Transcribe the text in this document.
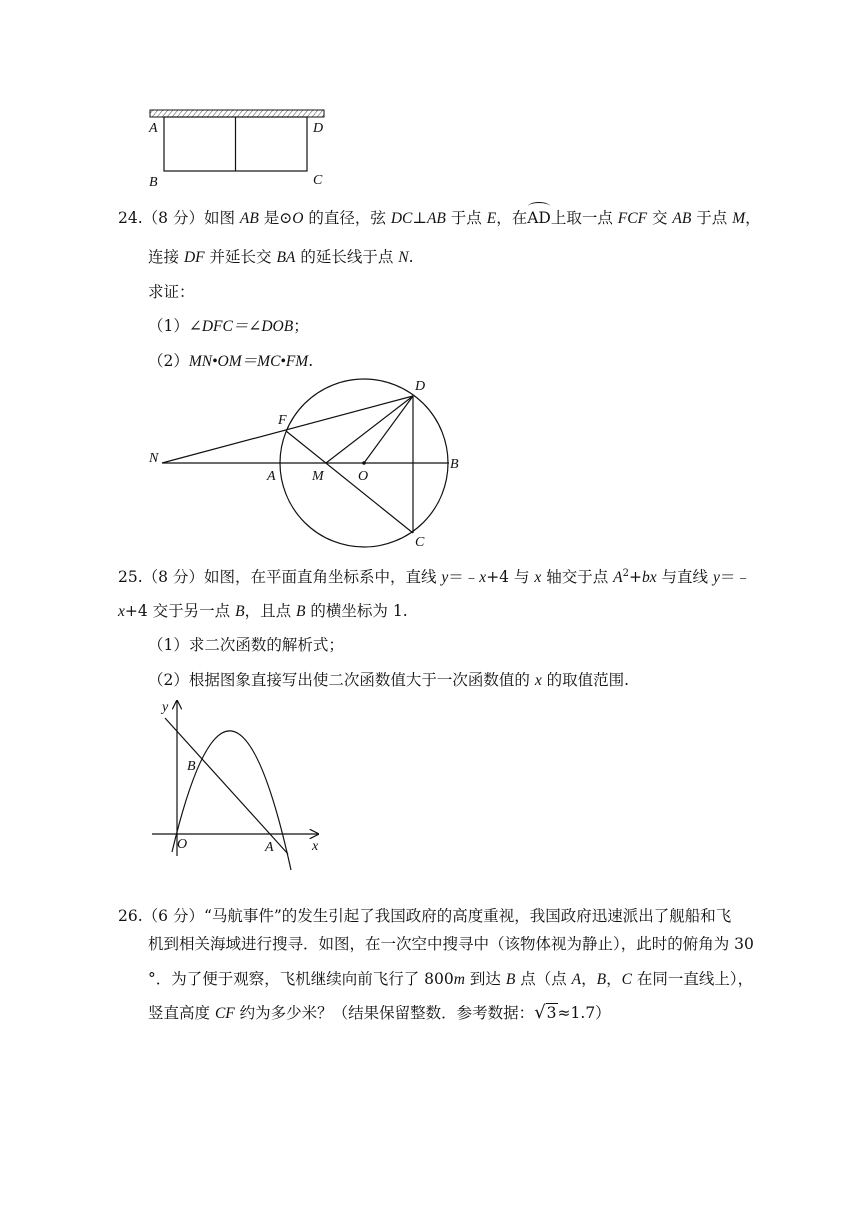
A	D
B	C
24.（8 分）如图 AB 是⊙O 的直径，弦 DC⊥AB 于点 E，在AD上取一点 FCF 交 AB 于点 M，
连接 DF 并延长交 BA 的延长线于点 N.
求证：
（1）∠DFC＝∠DOB；
（2）MN•OM＝MC•FM.
D
F
N
A	M O
B
C
25.（8 分）如图，在平面直角坐标系中，直线 y＝﹣x+4 与 x 轴交于点 $A^2+bx$ 与直线 y＝﹣
x+4 交于另一点 B，且点 B 的横坐标为 1.
（1）求二次函数的解析式；
（2）根据图象直接写出使二次函数值大于一次函数值的 x 的取值范围.
y
x
B
O	A
26.（6 分）“马航事件”的发生引起了我国政府的高度重视，我国政府迅速派出了舰船和飞
机到相关海域进行搜寻．如图，在一次空中搜寻中（该物体视为静止），此时的俯角为 30
°．为了便于观察，飞机继续向前飞行了 800m 到达 B 点（点 A，B，C 在同一直线上），
竖直高度 CF 约为多少米？（结果保留整数．参考数据：√3≈1.7）
